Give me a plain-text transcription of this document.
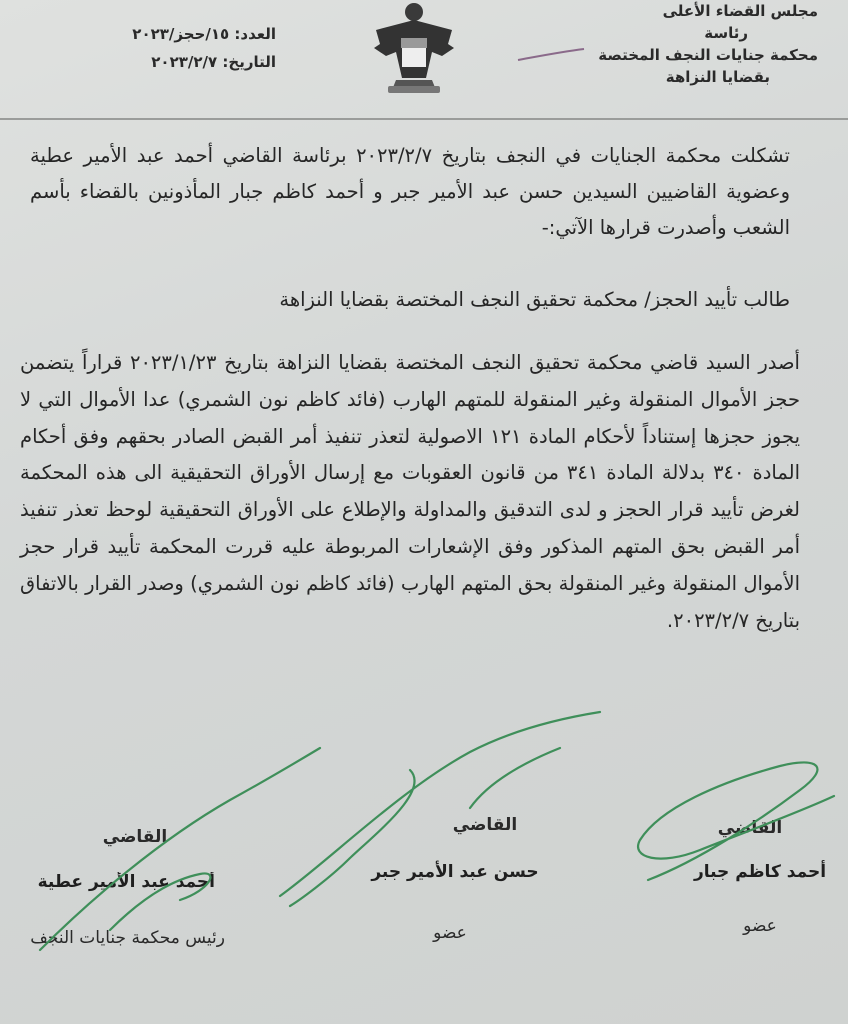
مجلس القضاء الأعلى
رئاسة
محكمة جنايات النجف المختصة
بقضايا النزاهة
العدد: ١٥/حجز/٢٠٢٣
التاريخ: ٢٠٢٣/٢/٧
تشكلت محكمة الجنايات في النجف بتاريخ ٢٠٢٣/٢/٧ برئاسة القاضي أحمد عبد الأمير عطية وعضوية القاضيين السيدين حسن عبد الأمير جبر و أحمد كاظم جبار المأذونين بالقضاء بأسم الشعب وأصدرت قرارها الآتي:-
طالب تأييد الحجز/ محكمة تحقيق النجف المختصة بقضايا النزاهة
أصدر السيد قاضي محكمة تحقيق النجف المختصة بقضايا النزاهة بتاريخ ٢٠٢٣/١/٢٣ قراراً يتضمن حجز الأموال المنقولة وغير المنقولة للمتهم الهارب (فائد كاظم نون الشمري) عدا الأموال التي لا يجوز حجزها إستناداً لأحكام المادة ١٢١ الاصولية لتعذر تنفيذ أمر القبض الصادر بحقهم وفق أحكام المادة ٣٤٠ بدلالة المادة ٣٤١ من قانون العقوبات مع إرسال الأوراق التحقيقية الى هذه المحكمة لغرض تأييد قرار الحجز و لدى التدقيق والمداولة والإطلاع على الأوراق التحقيقية لوحظ تعذر تنفيذ أمر القبض بحق المتهم المذكور وفق الإشعارات المربوطة عليه قررت المحكمة تأييد قرار حجز الأموال المنقولة وغير المنقولة بحق المتهم الهارب (فائد كاظم نون الشمري) وصدر القرار بالاتفاق بتاريخ ٢٠٢٣/٢/٧.
القاضي
أحمد كاظم جبار
عضو
القاضي
حسن عبد الأمير جبر
عضو
القاضي
أحمد عبد الأمير عطية
رئيس محكمة جنايات النجف
